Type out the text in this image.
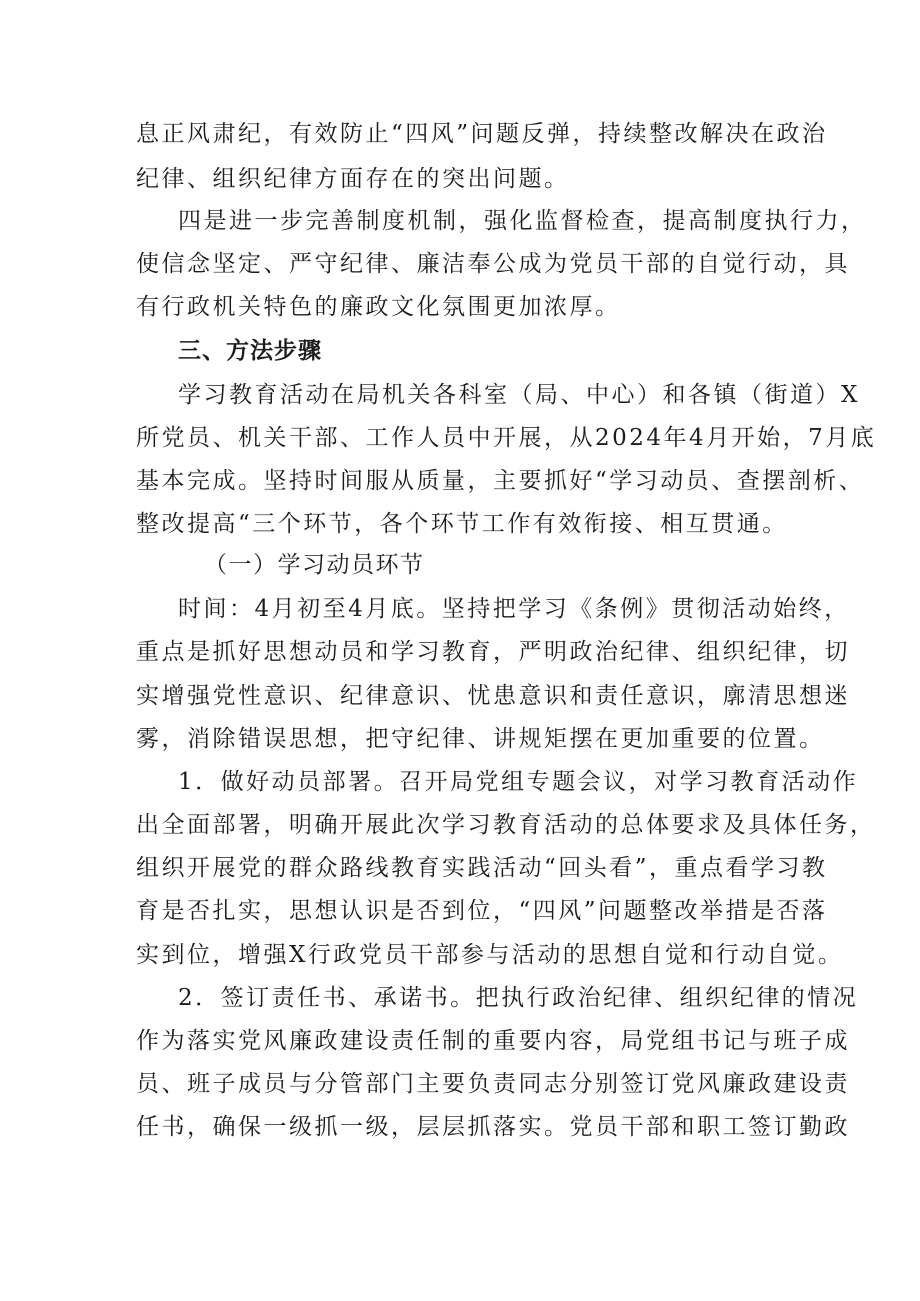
息正风肃纪，有效防止“四风”问题反弹，持续整改解决在政治
纪律、组织纪律方面存在的突出问题。
四是进一步完善制度机制，强化监督检查，提高制度执行力，
使信念坚定、严守纪律、廉洁奉公成为党员干部的自觉行动，具
有行政机关特色的廉政文化氛围更加浓厚。
三、方法步骤
学习教育活动在局机关各科室（局、中心）和各镇（街道）X
所党员、机关干部、工作人员中开展，从2024年4月开始，7月底
基本完成。坚持时间服从质量，主要抓好“学习动员、查摆剖析、
整改提高“三个环节，各个环节工作有效衔接、相互贯通。
（一）学习动员环节
时间：4月初至4月底。坚持把学习《条例》贯彻活动始终，
重点是抓好思想动员和学习教育，严明政治纪律、组织纪律，切
实增强党性意识、纪律意识、忧患意识和责任意识，廓清思想迷
雾，消除错误思想，把守纪律、讲规矩摆在更加重要的位置。
1．做好动员部署。召开局党组专题会议，对学习教育活动作
出全面部署，明确开展此次学习教育活动的总体要求及具体任务，
组织开展党的群众路线教育实践活动“回头看”，重点看学习教
育是否扎实，思想认识是否到位，“四风”问题整改举措是否落
实到位，增强X行政党员干部参与活动的思想自觉和行动自觉。
2．签订责任书、承诺书。把执行政治纪律、组织纪律的情况
作为落实党风廉政建设责任制的重要内容，局党组书记与班子成
员、班子成员与分管部门主要负责同志分别签订党风廉政建设责
任书，确保一级抓一级，层层抓落实。党员干部和职工签订勤政
